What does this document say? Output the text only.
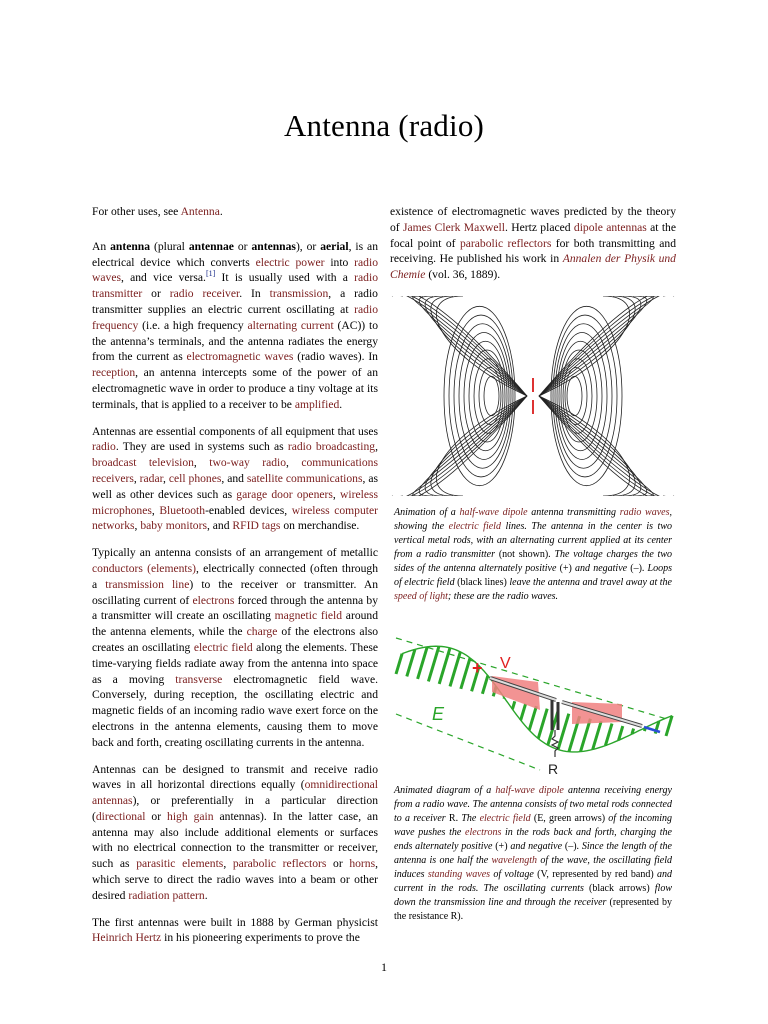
Antenna (radio)

For other uses, see Antenna.

An antenna (plural antennae or antennas), or aerial, is an electrical device which converts electric power into radio waves, and vice versa.[1] It is usually used with a radio transmitter or radio receiver. In transmission, a radio transmitter supplies an electric current oscillating at radio frequency (i.e. a high frequency alternating current (AC)) to the antenna’s terminals, and the antenna radiates the energy from the current as electromagnetic waves (radio waves). In reception, an antenna intercepts some of the power of an electromagnetic wave in order to produce a tiny voltage at its terminals, that is applied to a receiver to be amplified.

Antennas are essential components of all equipment that uses radio. They are used in systems such as radio broadcasting, broadcast television, two-way radio, communications receivers, radar, cell phones, and satellite communications, as well as other devices such as garage door openers, wireless microphones, Bluetooth-enabled devices, wireless computer networks, baby monitors, and RFID tags on merchandise.

Typically an antenna consists of an arrangement of metallic conductors (elements), electrically connected (often through a transmission line) to the receiver or transmitter. An oscillating current of electrons forced through the antenna by a transmitter will create an oscillating magnetic field around the antenna elements, while the charge of the electrons also creates an oscillating electric field along the elements. These time-varying fields radiate away from the antenna into space as a moving transverse electromagnetic field wave. Conversely, during reception, the oscillating electric and magnetic fields of an incoming radio wave exert force on the electrons in the antenna elements, causing them to move back and forth, creating oscillating currents in the antenna.

Antennas can be designed to transmit and receive radio waves in all horizontal directions equally (omnidirectional antennas), or preferentially in a particular direction (directional or high gain antennas). In the latter case, an antenna may also include additional elements or surfaces with no electrical connection to the transmitter or receiver, such as parasitic elements, parabolic reflectors or horns, which serve to direct the radio waves into a beam or other desired radiation pattern.

The first antennas were built in 1888 by German physicist Heinrich Hertz in his pioneering experiments to prove the

Animation of a half-wave dipole antenna transmitting radio waves, showing the electric field lines. The antenna in the center is two vertical metal rods, with an alternating current applied at its center from a radio transmitter (not shown). The voltage charges the two sides of the antenna alternately positive (+) and negative (–). Loops of electric field (black lines) leave the antenna and travel away at the speed of light; these are the radio waves.
+ V
E
R
Animated diagram of a half-wave dipole antenna receiving energy from a radio wave. The antenna consists of two metal rods connected to a receiver R. The electric field (E, green arrows) of the incoming wave pushes the electrons in the rods back and forth, charging the ends alternately positive (+) and negative (–). Since the length of the antenna is one half the wavelength of the wave, the oscillating field induces standing waves of voltage (V, represented by red band) and current in the rods. The oscillating currents (black arrows) flow down the transmission line and through the receiver (represented by the resistance R).

existence of electromagnetic waves predicted by the theory of James Clerk Maxwell. Hertz placed dipole antennas at the focal point of parabolic reflectors for both transmitting and receiving. He published his work in Annalen der Physik und Chemie (vol. 36, 1889).

1
